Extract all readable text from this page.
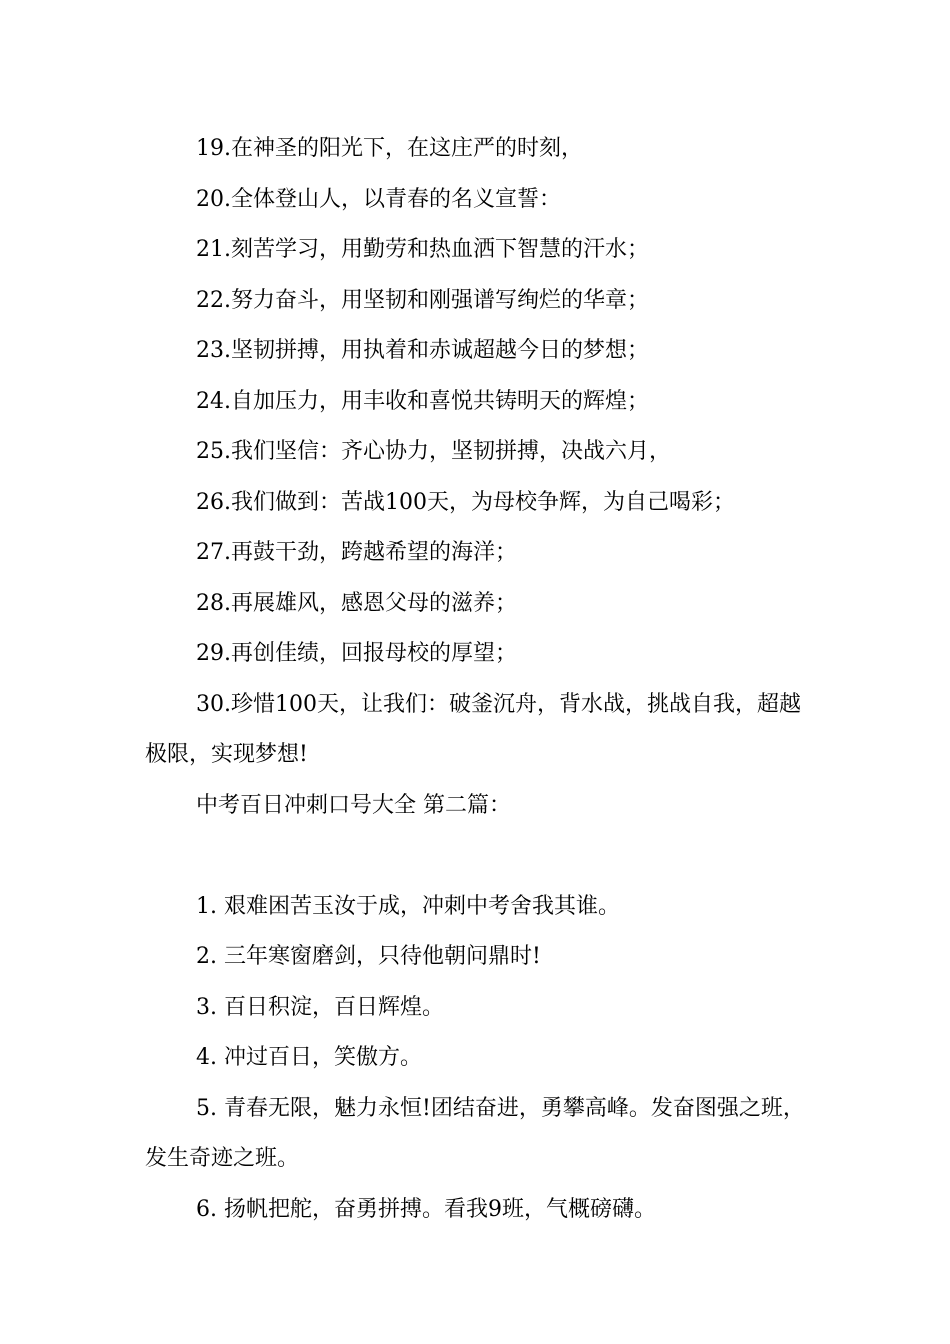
19.在神圣的阳光下，在这庄严的时刻，

20.全体登山人，以青春的名义宣誓：

21.刻苦学习，用勤劳和热血洒下智慧的汗水；

22.努力奋斗，用坚韧和刚强谱写绚烂的华章；

23.坚韧拼搏，用执着和赤诚超越今日的梦想；

24.自加压力，用丰收和喜悦共铸明天的辉煌；

25.我们坚信：齐心协力，坚韧拼搏，决战六月，

26.我们做到：苦战100天，为母校争辉，为自己喝彩；

27.再鼓干劲，跨越希望的海洋；

28.再展雄风，感恩父母的滋养；

29.再创佳绩，回报母校的厚望；

30.珍惜100天，让我们：破釜沉舟，背水战，挑战自我，超越极限，实现梦想!

中考百日冲刺口号大全 第二篇：

1. 艰难困苦玉汝于成，冲刺中考舍我其谁。

2. 三年寒窗磨剑，只待他朝问鼎时!

3. 百日积淀，百日辉煌。

4. 冲过百日，笑傲方。

5. 青春无限，魅力永恒!团结奋进，勇攀高峰。发奋图强之班，发生奇迹之班。

6. 扬帆把舵，奋勇拼搏。看我9班，气概磅礴。
